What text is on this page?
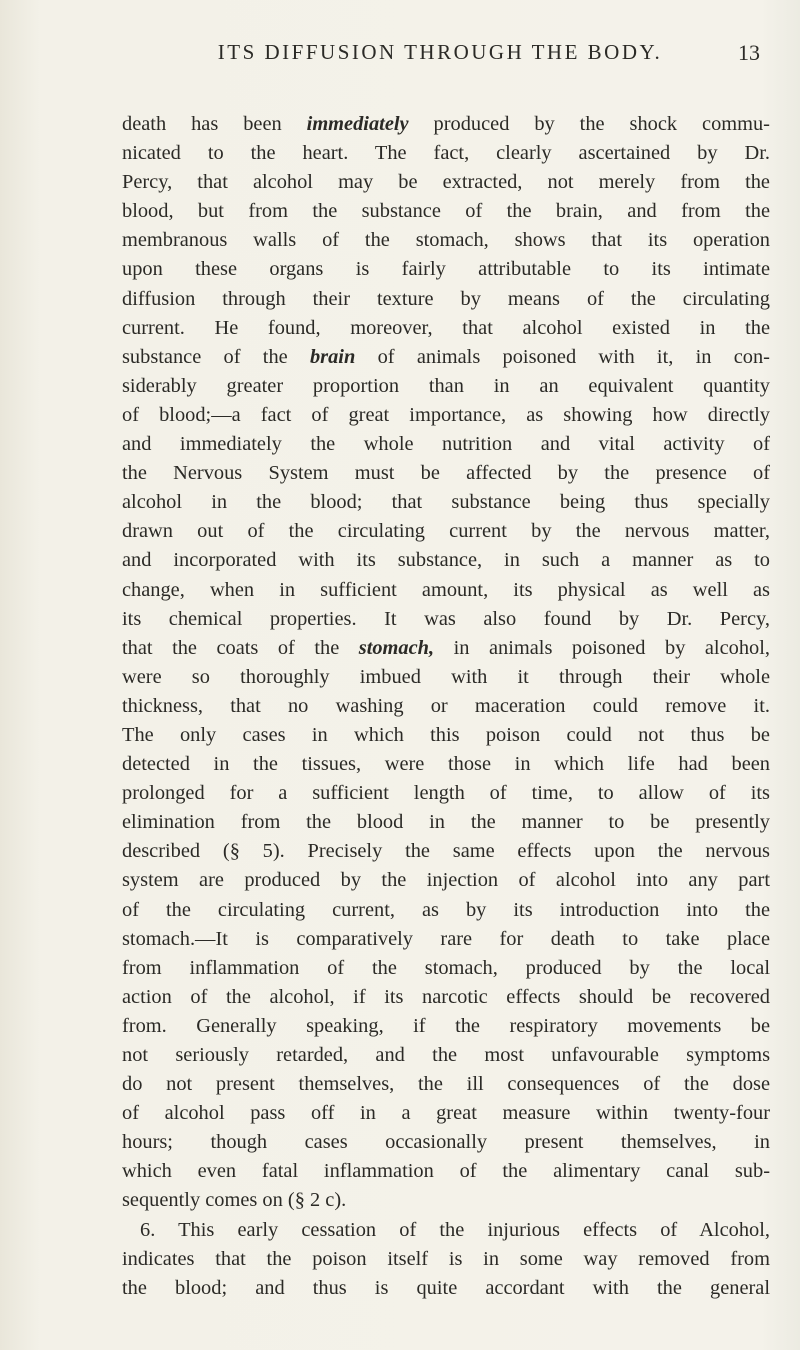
ITS DIFFUSION THROUGH THE BODY.	13

death has been immediately produced by the shock commu-
nicated to the heart. The fact, clearly ascertained by Dr.
Percy, that alcohol may be extracted, not merely from the
blood, but from the substance of the brain, and from the
membranous walls of the stomach, shows that its operation
upon these organs is fairly attributable to its intimate
diffusion through their texture by means of the circulating
current. He found, moreover, that alcohol existed in the
substance of the brain of animals poisoned with it, in con-
siderably greater proportion than in an equivalent quantity
of blood;—a fact of great importance, as showing how directly
and immediately the whole nutrition and vital activity of
the Nervous System must be affected by the presence of
alcohol in the blood; that substance being thus specially
drawn out of the circulating current by the nervous matter,
and incorporated with its substance, in such a manner as to
change, when in sufficient amount, its physical as well as
its chemical properties. It was also found by Dr. Percy,
that the coats of the stomach, in animals poisoned by alcohol,
were so thoroughly imbued with it through their whole
thickness, that no washing or maceration could remove it.
The only cases in which this poison could not thus be
detected in the tissues, were those in which life had been
prolonged for a sufficient length of time, to allow of its
elimination from the blood in the manner to be presently
described (§ 5). Precisely the same effects upon the nervous
system are produced by the injection of alcohol into any part
of the circulating current, as by its introduction into the
stomach.—It is comparatively rare for death to take place
from inflammation of the stomach, produced by the local
action of the alcohol, if its narcotic effects should be recovered
from. Generally speaking, if the respiratory movements be
not seriously retarded, and the most unfavourable symptoms
do not present themselves, the ill consequences of the dose
of alcohol pass off in a great measure within twenty-four
hours; though cases occasionally present themselves, in
which even fatal inflammation of the alimentary canal sub-
sequently comes on (§ 2 c).

6. This early cessation of the injurious effects of Alcohol,
indicates that the poison itself is in some way removed from
the blood; and thus is quite accordant with the general
